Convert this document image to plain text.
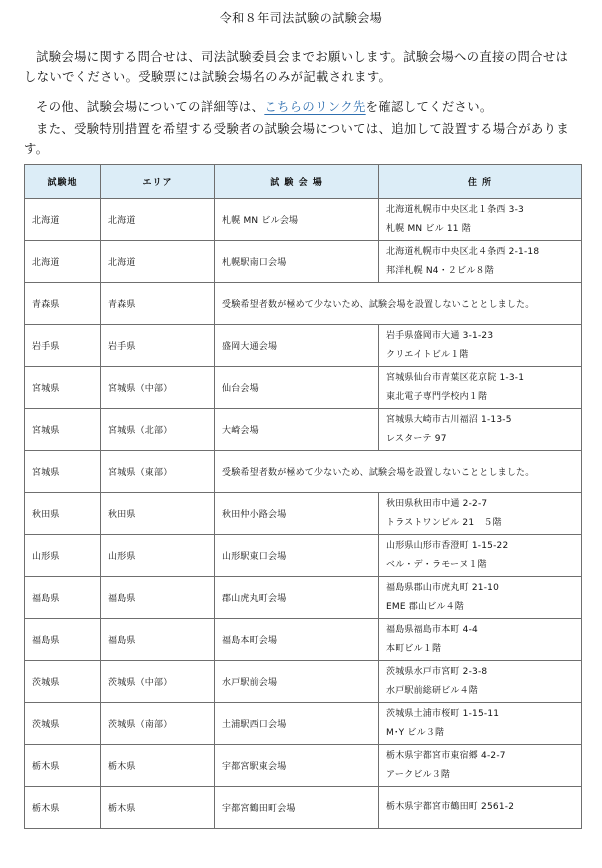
令和８年司法試験の試験会場
試験会場に関する問合せは、司法試験委員会までお願いします。試験会場への直接の問合せはしないでください。受験票には試験会場名のみが記載されます。
その他、試験会場についての詳細等は、こちらのリンク先を確認してください。
また、受験特別措置を希望する受験者の試験会場については、追加して設置する場合があります。
試験地	エリア	試 験 会 場	住 所
北海道	北海道	札幌 MN ビル会場	北海道札幌市中央区北１条西 3-3
札幌 MN ビル 11 階

北海道	北海道	札幌駅南口会場	北海道札幌市中央区北４条西 2-1-18
邦洋札幌 N4・２ビル８階

青森県	青森県	受験希望者数が極めて少ないため、試験会場を設置しないこととしました。	
岩手県	岩手県	盛岡大通会場	岩手県盛岡市大通 3-1-23
クリエイトビル１階

宮城県	宮城県（中部）	仙台会場	宮城県仙台市青葉区花京院 1-3-1
東北電子専門学校内１階

宮城県	宮城県（北部）	大崎会場	宮城県大崎市古川福沼 1-13-5
レスターテ 97

宮城県	宮城県（東部）	受験希望者数が極めて少ないため、試験会場を設置しないこととしました。	
秋田県	秋田県	秋田仲小路会場	秋田県秋田市中通 2-2-7
トラストワンビル 21　５階

山形県	山形県	山形駅東口会場	山形県山形市香澄町 1-15-22
ベル・デ・ラモーヌ１階

福島県	福島県	郡山虎丸町会場	福島県郡山市虎丸町 21-10
EME 郡山ビル４階

福島県	福島県	福島本町会場	福島県福島市本町 4-4
本町ビル１階

茨城県	茨城県（中部）	水戸駅前会場	茨城県水戸市宮町 2-3-8
水戸駅前総研ビル４階

茨城県	茨城県（南部）	土浦駅西口会場	茨城県土浦市桜町 1-15-11
M･Y ビル３階

栃木県	栃木県	宇都宮駅東会場	栃木県宇都宮市東宿郷 4-2-7
アークビル３階

栃木県	栃木県	宇都宮鶴田町会場	栃木県宇都宮市鶴田町 2561-2
